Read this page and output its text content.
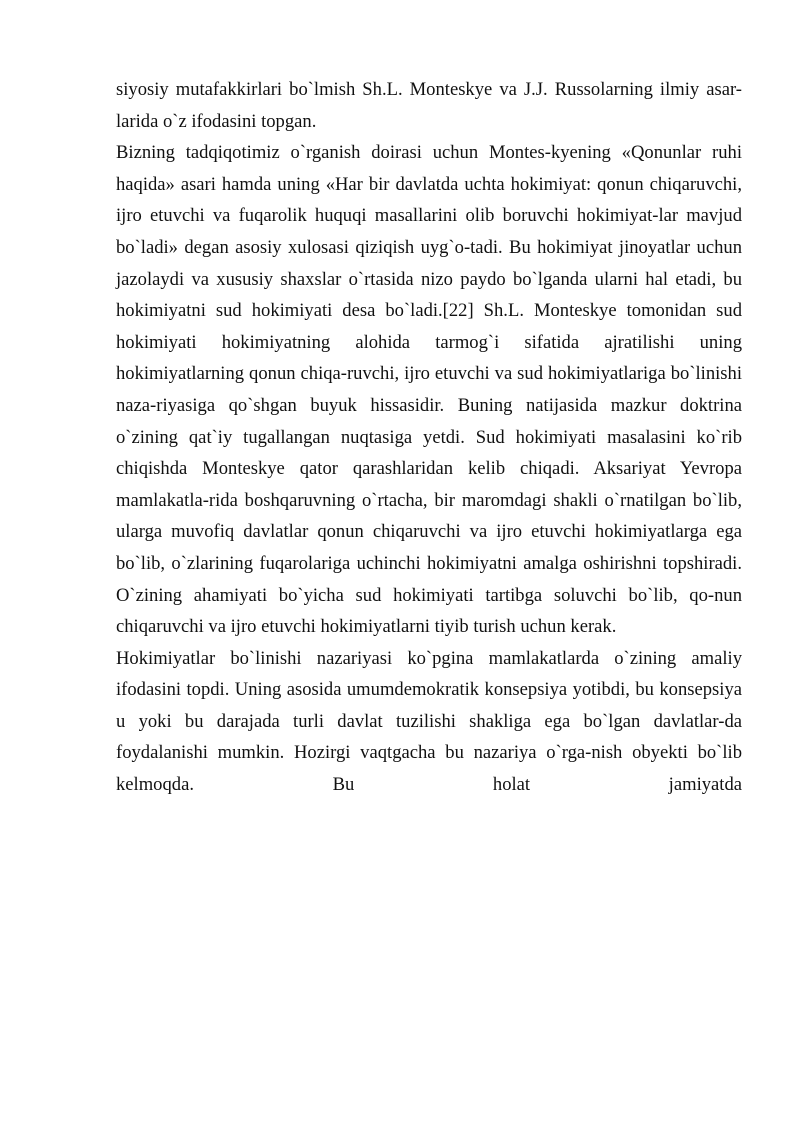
siyosiy mutafakkirlari bo`lmish Sh.L. Monteskye va J.J. Russolarning ilmiy asar-larida o`z ifodasini topgan.

Bizning tadqiqotimiz o`rganish doirasi uchun Montes-kyening «Qonunlar ruhi haqida» asari hamda uning «Har bir davlatda uchta hokimiyat: qonun chiqaruvchi, ijro etuvchi va fuqarolik huquqi masallarini olib boruvchi hokimiyat-lar mavjud bo`ladi» degan asosiy xulosasi qiziqish uyg`o-tadi. Bu hokimiyat jinoyatlar uchun jazolaydi va xususiy shaxslar o`rtasida nizo paydo bo`lganda ularni hal etadi, bu hokimiyatni sud hokimiyati desa bo`ladi.[22] Sh.L. Monteskye tomonidan sud hokimiyati hokimiyatning alohida tarmog`i sifatida ajratilishi uning hokimiyatlarning qonun chiqa-ruvchi, ijro etuvchi va sud hokimiyatlariga bo`linishi naza-riyasiga qo`shgan buyuk hissasidir. Buning natijasida mazkur doktrina o`zining qat`iy tugallangan nuqtasiga yetdi. Sud hokimiyati masalasini ko`rib chiqishda Monteskye qator qarashlaridan kelib chiqadi. Aksariyat Yevropa mamlakatla-rida boshqaruvning o`rtacha, bir maromdagi shakli o`rnatilgan bo`lib, ularga muvofiq davlatlar qonun chiqaruvchi va ijro etuvchi hokimiyatlarga ega bo`lib, o`zlarining fuqarolariga uchinchi hokimiyatni amalga oshirishni topshiradi. O`zining ahamiyati bo`yicha sud hokimiyati tartibga soluvchi bo`lib, qo-nun chiqaruvchi va ijro etuvchi hokimiyatlarni tiyib turish uchun kerak.

Hokimiyatlar bo`linishi nazariyasi ko`pgina mamlakatlarda o`zining amaliy ifodasini topdi. Uning asosida umumdemokratik konsepsiya yotibdi, bu konsepsiya u yoki bu darajada turli davlat tuzilishi shakliga ega bo`lgan davlatlar-da foydalanishi mumkin. Hozirgi vaqtgacha bu nazariya o`rga-nish obyekti bo`lib kelmoqda. Bu holat jamiyatda
